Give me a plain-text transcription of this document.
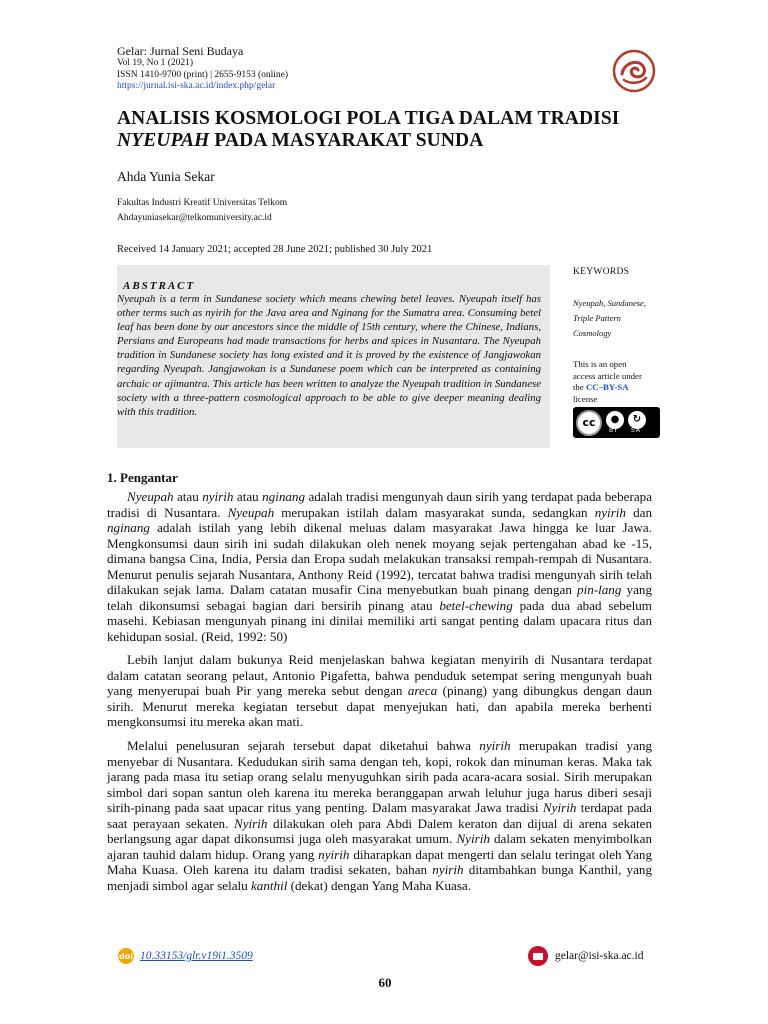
Gelar: Jurnal Seni Budaya
Vol 19, No 1 (2021)
ISSN 1410-9700 (print) | 2655-9153 (online)
https://jurnal.isi-ska.ac.id/index.php/gelar
ANALISIS KOSMOLOGI POLA TIGA DALAM TRADISI
NYEUPAH PADA MASYARAKAT SUNDA
Ahda Yunia Sekar
Fakultas Industri Kreatif Universitas Telkom
Ahdayuniasekar@telkomuniversity.ac.id
Received 14 January 2021; accepted 28 June 2021; published 30 July 2021
ABSTRACT
Nyeupah is a term in Sundanese society which means chewing betel leaves. Nyeupah itself has other terms such as nyirih for the Java area and Nginang for the Sumatra area. Consuming betel leaf has been done by our ancestors since the middle of 15th century, where the Chinese, Indians, Persians and Europeans had made transactions for herbs and spices in Nusantara. The Nyeupah tradition in Sundanese society has long existed and it is proved by the existence of Jangjawokan regarding Nyeupah. Jangjawokan is a Sundanese poem which can be interpreted as containing archaic or ajimantra. This article has been written to analyze the Nyeupah tradition in Sundanese society with a three-pattern cosmological approach to be able to give deeper meaning dealing with this tradition.
KEYWORDS
Nyeupah, Sundanese,
Triple Pattern
Cosmology
This is an open
access article under
the CC–BY-SA
license
cc	●	↻
BY SA
1. Pengantar

Nyeupah atau nyirih atau nginang adalah tradisi mengunyah daun sirih yang terdapat pada beberapa tradisi di Nusantara. Nyeupah merupakan istilah dalam masyarakat sunda, sedangkan nyirih dan nginang adalah istilah yang lebih dikenal meluas dalam masyarakat Jawa hingga ke luar Jawa. Mengkonsumsi daun sirih ini sudah dilakukan oleh nenek moyang sejak pertengahan abad ke -15, dimana bangsa Cina, India, Persia dan Eropa sudah melakukan transaksi rempah-rempah di Nusantara. Menurut penulis sejarah Nusantara, Anthony Reid (1992), tercatat bahwa tradisi mengunyah sirih telah dilakukan sejak lama. Dalam catatan musafir Cina menyebutkan buah pinang dengan pin-lang yang telah dikonsumsi sebagai bagian dari bersirih pinang atau betel-chewing pada dua abad sebelum masehi. Kebiasan mengunyah pinang ini dinilai memiliki arti sangat penting dalam upacara ritus dan kehidupan sosial. (Reid, 1992: 50)

Lebih lanjut dalam bukunya Reid menjelaskan bahwa kegiatan menyirih di Nusantara terdapat dalam catatan seorang pelaut, Antonio Pigafetta, bahwa penduduk setempat sering mengunyah buah yang menyerupai buah Pir yang mereka sebut dengan areca (pinang) yang dibungkus dengan daun sirih. Menurut mereka kegiatan tersebut dapat menyejukan hati, dan apabila mereka berhenti mengkonsumsi itu mereka akan mati.

Melalui penelusuran sejarah tersebut dapat diketahui bahwa nyirih merupakan tradisi yang menyebar di Nusantara. Kedudukan sirih sama dengan teh, kopi, rokok dan minuman keras. Maka tak jarang pada masa itu setiap orang selalu menyuguhkan sirih pada acara-acara sosial. Sirih merupakan simbol dari sopan santun oleh karena itu mereka beranggapan arwah leluhur juga harus diberi sesaji sirih-pinang pada saat upacar ritus yang penting. Dalam masyarakat Jawa tradisi Nyirih terdapat pada saat perayaan sekaten. Nyirih dilakukan oleh para Abdi Dalem keraton dan dijual di arena sekaten berlangsung agar dapat dikonsumsi juga oleh masyarakat umum. Nyirih dalam sekaten menyimbolkan ajaran tauhid dalam hidup. Orang yang nyirih diharapkan dapat mengerti dan selalu teringat oleh Yang Maha Kuasa. Oleh karena itu dalam tradisi sekaten, bahan nyirih ditambahkan bunga Kanthil, yang menjadi simbol agar selalu kanthil (dekat) dengan Yang Maha Kuasa.

doi 10.33153/glr.v19i1.3509	gelar@isi-ska.ac.id
60
